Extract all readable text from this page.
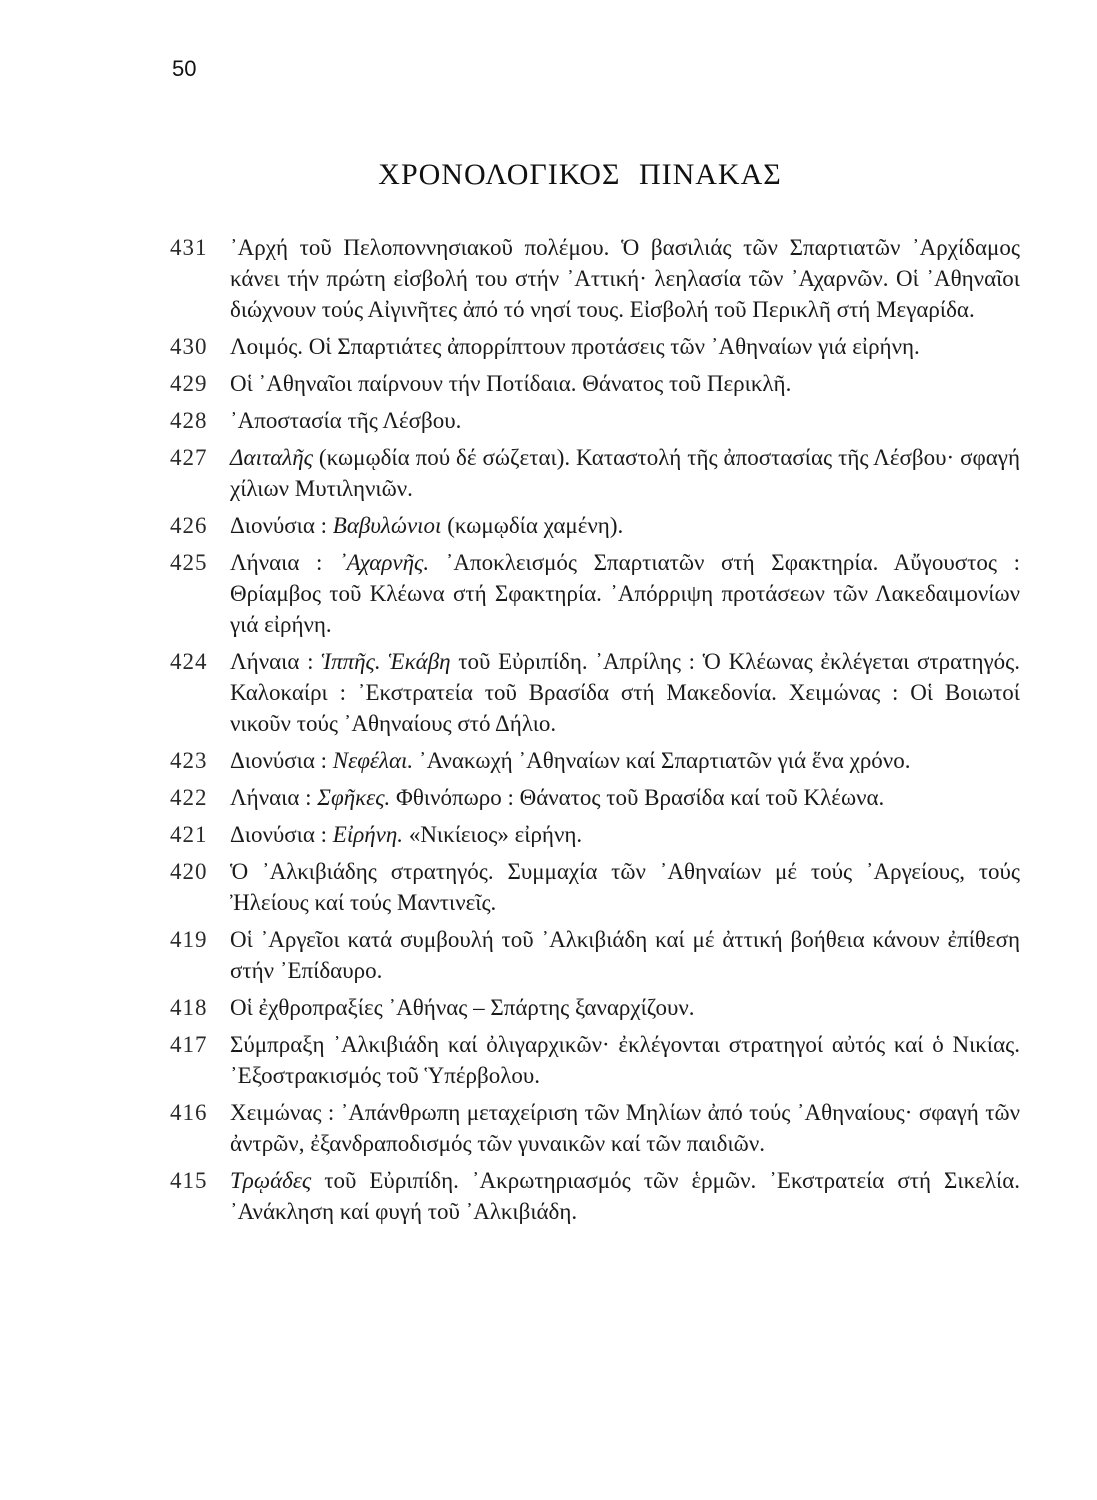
50
ΧΡΟΝΟΛΟΓΙΚΟΣ ΠΙΝΑΚΑΣ
431 ᾿Αρχή τοῦ Πελοποννησιακοῦ πολέμου. Ὁ βασιλιάς τῶν Σπαρτιατῶν ᾿Αρχίδαμος κάνει τήν πρώτη εἰσβολή του στήν ᾿Αττική· λεηλασία τῶν ᾿Αχαρνῶν. Οἱ ᾿Αθηναῖοι διώχνουν τούς Αἰγινῆτες ἀπό τό νησί τους. Εἰσβολή τοῦ Περικλῆ στή Μεγαρίδα.
430 Λοιμός. Οἱ Σπαρτιάτες ἀπορρίπτουν προτάσεις τῶν ᾿Αθηναίων γιά εἰρήνη.
429 Οἱ ᾿Αθηναῖοι παίρνουν τήν Ποτίδαια. Θάνατος τοῦ Περικλῆ.
428 ᾿Αποστασία τῆς Λέσβου.
427 Δαιταλῆς (κωμῳδία πού δέ σώζεται). Καταστολή τῆς ἀποστασίας τῆς Λέσβου· σφαγή χίλιων Μυτιληνιῶν.
426 Διονύσια : Βαβυλώνιοι (κωμῳδία χαμένη).
425 Λήναια : ᾿Αχαρνῆς. ᾿Αποκλεισμός Σπαρτιατῶν στή Σφακτηρία. Αὔγουστος : Θρίαμβος τοῦ Κλέωνα στή Σφακτηρία. ᾿Απόρριψη προτάσεων τῶν Λακεδαιμονίων γιά εἰρήνη.
424 Λήναια : Ἱππῆς. Ἑκάβη τοῦ Εὐριπίδη. ᾿Απρίλης : Ὁ Κλέωνας ἐκλέγεται στρατηγός. Καλοκαίρι : ᾿Εκστρατεία τοῦ Βρασίδα στή Μακεδονία. Χειμώνας : Οἱ Βοιωτοί νικοῦν τούς ᾿Αθηναίους στό Δήλιο.
423 Διονύσια : Νεφέλαι. ᾿Ανακωχή ᾿Αθηναίων καί Σπαρτιατῶν γιά ἕνα χρόνο.
422 Λήναια : Σφῆκες. Φθινόπωρο : Θάνατος τοῦ Βρασίδα καί τοῦ Κλέωνα.
421 Διονύσια : Εἰρήνη. «Νικίειος» εἰρήνη.
420 Ὁ ᾿Αλκιβιάδης στρατηγός. Συμμαχία τῶν ᾿Αθηναίων μέ τούς ᾿Αργείους, τούς Ἠλείους καί τούς Μαντινεῖς.
419 Οἱ ᾿Αργεῖοι κατά συμβουλή τοῦ ᾿Αλκιβιάδη καί μέ ἀττική βοήθεια κάνουν ἐπίθεση στήν ᾿Επίδαυρο.
418 Οἱ ἐχθροπραξίες ᾿Αθήνας – Σπάρτης ξαναρχίζουν.
417 Σύμπραξη ᾿Αλκιβιάδη καί ὀλιγαρχικῶν· ἐκλέγονται στρατηγοί αὐτός καί ὁ Νικίας. ᾿Εξοστρακισμός τοῦ Ὑπέρβολου.
416 Χειμώνας : ᾿Απάνθρωπη μεταχείριση τῶν Μηλίων ἀπό τούς ᾿Αθηναίους· σφαγή τῶν ἀντρῶν, ἐξανδραποδισμός τῶν γυναικῶν καί τῶν παιδιῶν.
415 Τρῳάδες τοῦ Εὐριπίδη. ᾿Ακρωτηριασμός τῶν ἑρμῶν. ᾿Εκστρατεία στή Σικελία. ᾿Ανάκληση καί φυγή τοῦ ᾿Αλκιβιάδη.
